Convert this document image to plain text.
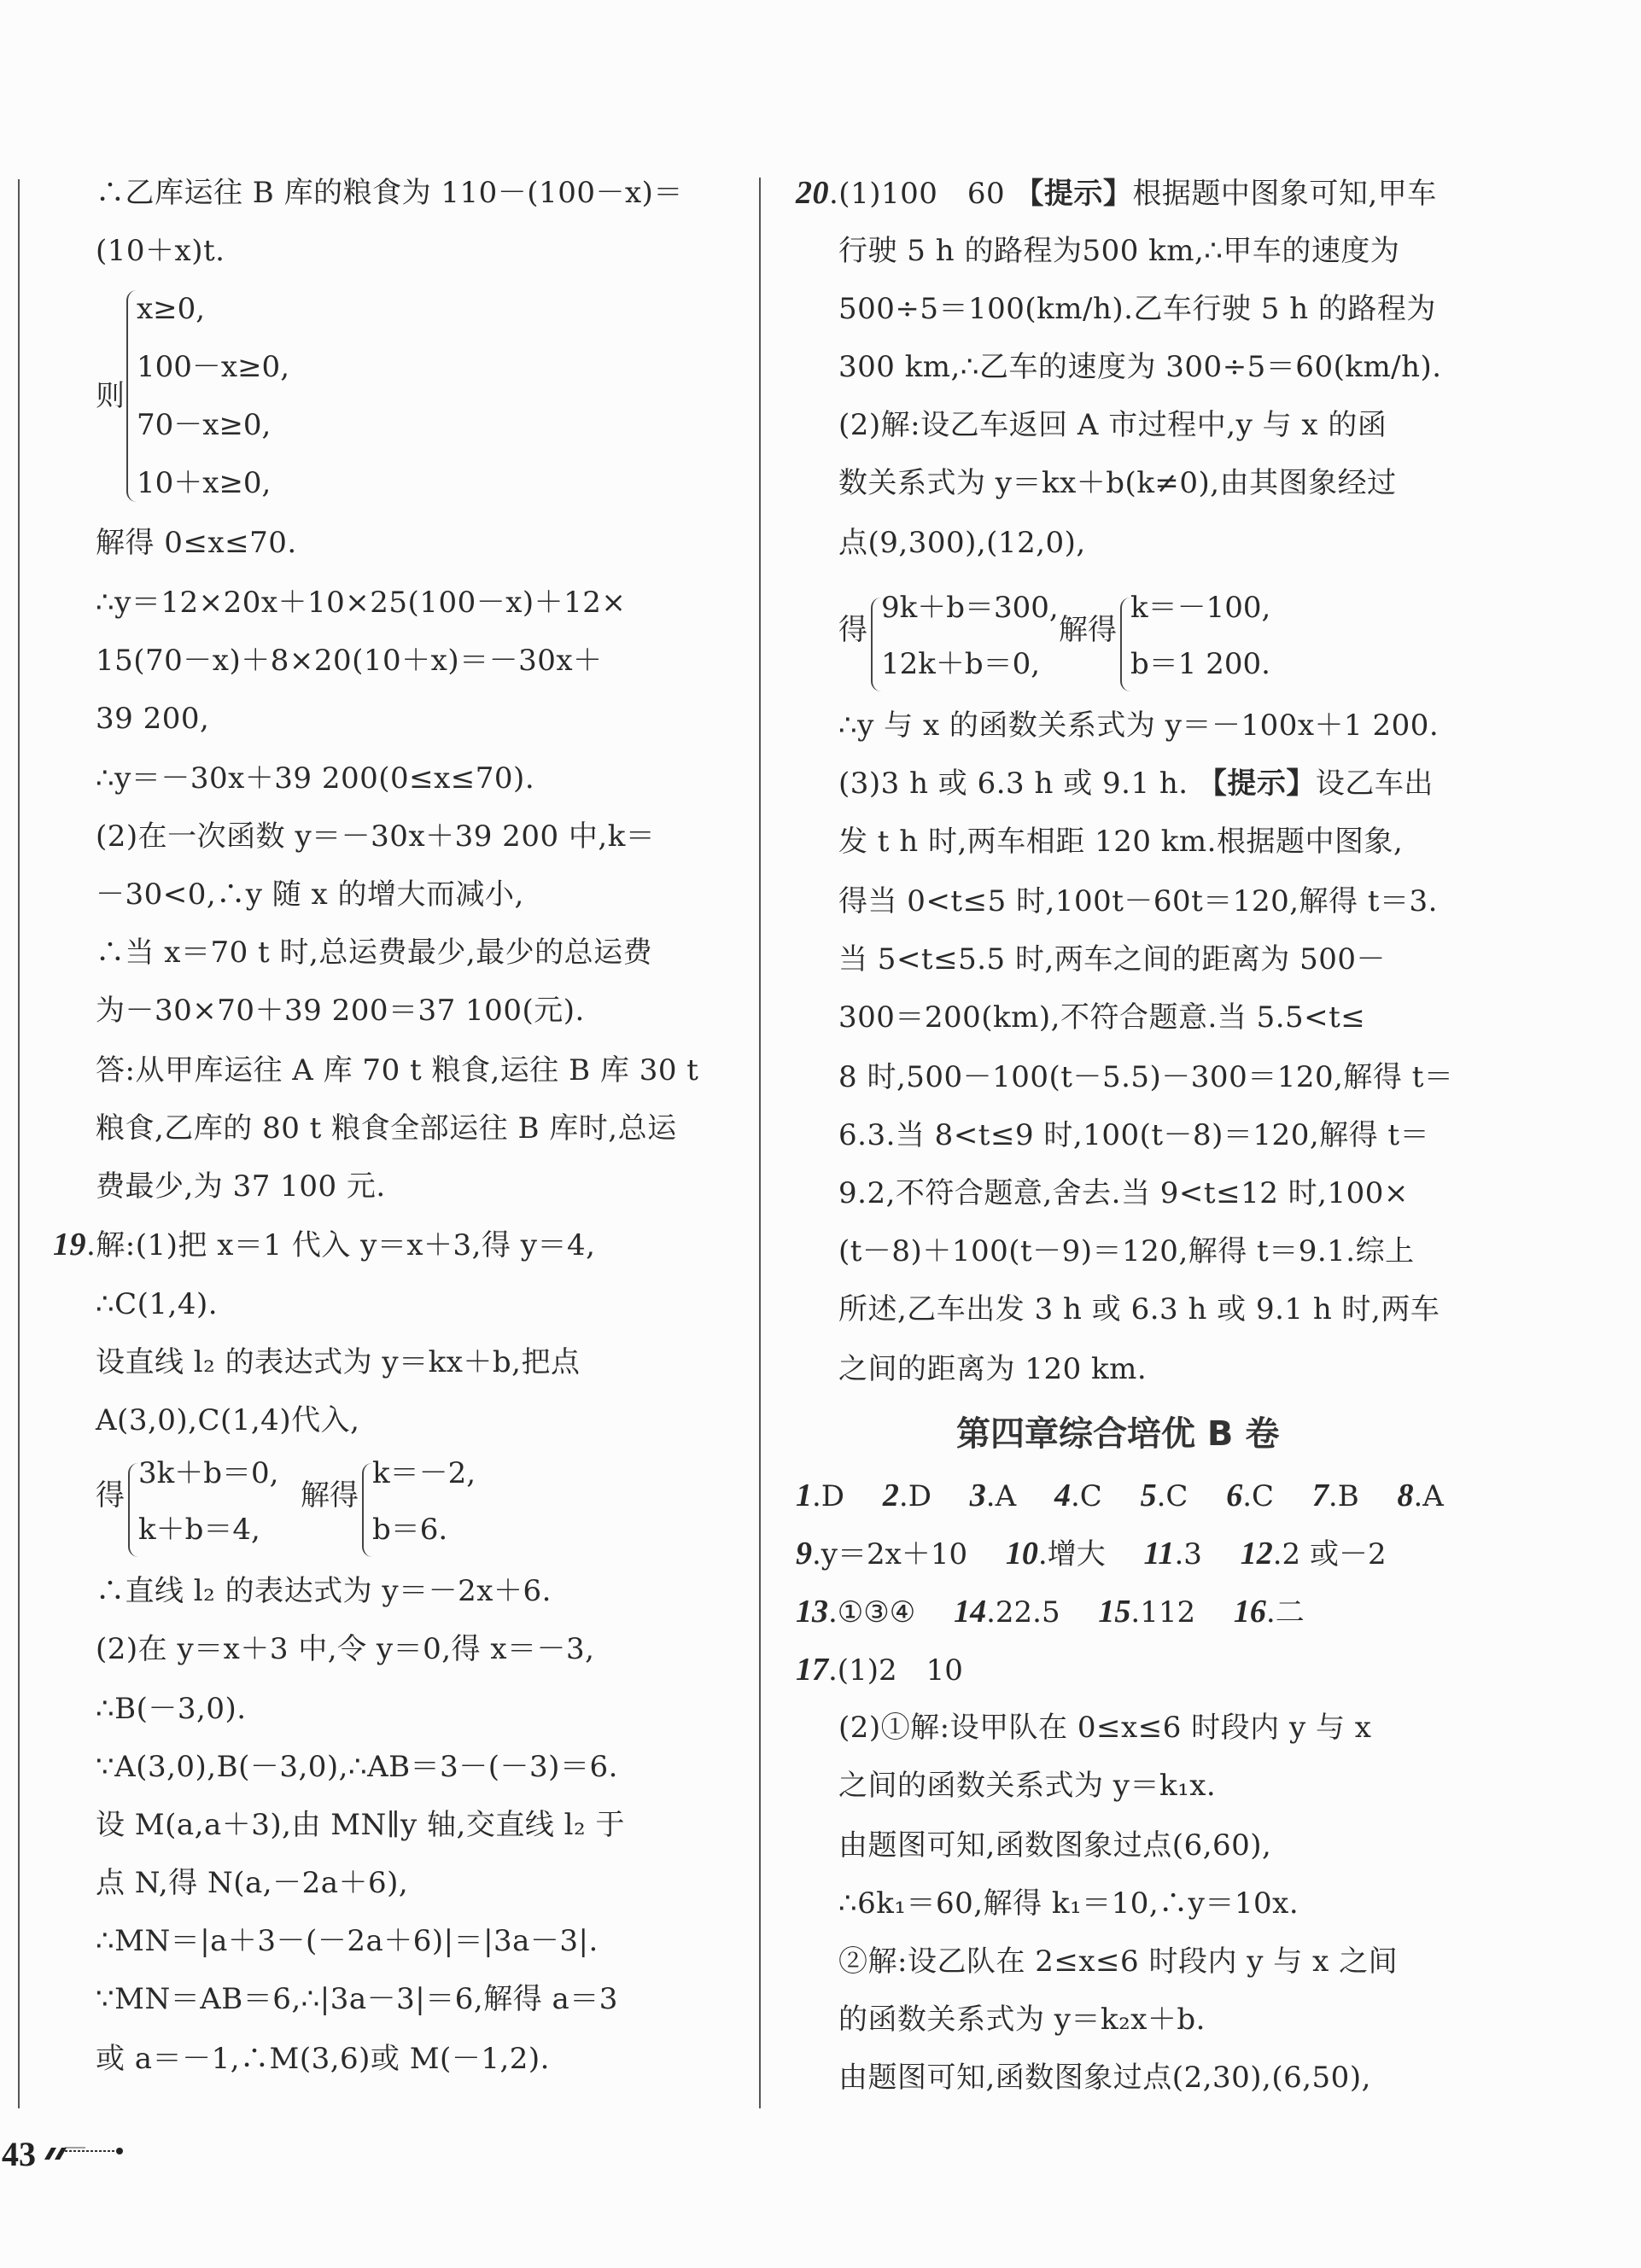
∴乙库运往 B 库的粮食为 110－(100－x)＝
(10＋x)t.
则
x≥0,
100－x≥0,
70－x≥0,
10＋x≥0,
解得 0≤x≤70.
∴y＝12×20x＋10×25(100－x)＋12×
15(70－x)＋8×20(10＋x)＝－30x＋
39 200,
∴y＝－30x＋39 200(0≤x≤70).
(2)在一次函数 y＝－30x＋39 200 中,k＝
－30<0,∴y 随 x 的增大而减小,
∴当 x＝70 t 时,总运费最少,最少的总运费
为－30×70＋39 200＝37 100(元).
答:从甲库运往 A 库 70 t 粮食,运往 B 库 30 t
粮食,乙库的 80 t 粮食全部运往 B 库时,总运
费最少,为 37 100 元.
19.解:(1)把 x＝1 代入 y＝x＋3,得 y＝4,
∴C(1,4).
设直线 l₂ 的表达式为 y＝kx＋b,把点
A(3,0),C(1,4)代入,
得
3k＋b＝0,
k＋b＝4,
解得
k＝－2,
b＝6.
∴直线 l₂ 的表达式为 y＝－2x＋6.
(2)在 y＝x＋3 中,令 y＝0,得 x＝－3,
∴B(－3,0).
∵A(3,0),B(－3,0),∴AB＝3－(－3)＝6.
设 M(a,a＋3),由 MN∥y 轴,交直线 l₂ 于
点 N,得 N(a,－2a＋6),
∴MN＝|a＋3－(－2a＋6)|＝|3a－3|.
∵MN＝AB＝6,∴|3a－3|＝6,解得 a＝3
或 a＝－1,∴M(3,6)或 M(－1,2).
20.(1)100　60 【提示】根据题中图象可知,甲车
行驶 5 h 的路程为500 km,∴甲车的速度为
500÷5＝100(km/h).乙车行驶 5 h 的路程为
300 km,∴乙车的速度为 300÷5＝60(km/h).
(2)解:设乙车返回 A 市过程中,y 与 x 的函
数关系式为 y＝kx＋b(k≠0),由其图象经过
点(9,300),(12,0),
得
9k＋b＝300,
12k＋b＝0,
解得
k＝－100,
b＝1 200.
∴y 与 x 的函数关系式为 y＝－100x＋1 200.
(3)3 h 或 6.3 h 或 9.1 h. 【提示】设乙车出
发 t h 时,两车相距 120 km.根据题中图象,
得当 0<t≤5 时,100t－60t＝120,解得 t＝3.
当 5<t≤5.5 时,两车之间的距离为 500－
300＝200(km),不符合题意.当 5.5<t≤
8 时,500－100(t－5.5)－300＝120,解得 t＝
6.3.当 8<t≤9 时,100(t－8)＝120,解得 t＝
9.2,不符合题意,舍去.当 9<t≤12 时,100×
(t－8)＋100(t－9)＝120,解得 t＝9.1.综上
所述,乙车出发 3 h 或 6.3 h 或 9.1 h 时,两车
之间的距离为 120 km.
第四章综合培优 B 卷
1.D 2.D 3.A 4.C 5.C 6.C 7.B 8.A
9.y＝2x＋10 10.增大 11.3 12.2 或－2
13.①③④ 14.22.5 15.112 16.二
17.(1)2　10
(2)①解:设甲队在 0≤x≤6 时段内 y 与 x
之间的函数关系式为 y＝k₁x.
由题图可知,函数图象过点(6,60),
∴6k₁＝60,解得 k₁＝10,∴y＝10x.
②解:设乙队在 2≤x≤6 时段内 y 与 x 之间
的函数关系式为 y＝k₂x＋b.
由题图可知,函数图象过点(2,30),(6,50),
43
